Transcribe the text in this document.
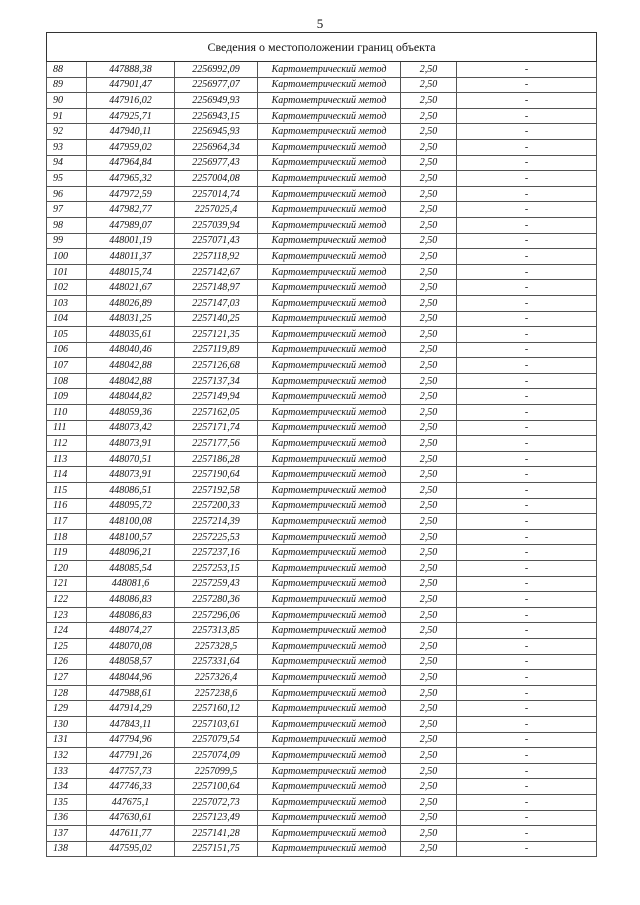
5
Сведения о местоположении границ объекта					
88	447888,38	2256992,09	Картометрический метод	2,50	-
89	447901,47	2256977,07	Картометрический метод	2,50	-
90	447916,02	2256949,93	Картометрический метод	2,50	-
91	447925,71	2256943,15	Картометрический метод	2,50	-
92	447940,11	2256945,93	Картометрический метод	2,50	-
93	447959,02	2256964,34	Картометрический метод	2,50	-
94	447964,84	2256977,43	Картометрический метод	2,50	-
95	447965,32	2257004,08	Картометрический метод	2,50	-
96	447972,59	2257014,74	Картометрический метод	2,50	-
97	447982,77	2257025,4	Картометрический метод	2,50	-
98	447989,07	2257039,94	Картометрический метод	2,50	-
99	448001,19	2257071,43	Картометрический метод	2,50	-
100	448011,37	2257118,92	Картометрический метод	2,50	-
101	448015,74	2257142,67	Картометрический метод	2,50	-
102	448021,67	2257148,97	Картометрический метод	2,50	-
103	448026,89	2257147,03	Картометрический метод	2,50	-
104	448031,25	2257140,25	Картометрический метод	2,50	-
105	448035,61	2257121,35	Картометрический метод	2,50	-
106	448040,46	2257119,89	Картометрический метод	2,50	-
107	448042,88	2257126,68	Картометрический метод	2,50	-
108	448042,88	2257137,34	Картометрический метод	2,50	-
109	448044,82	2257149,94	Картометрический метод	2,50	-
110	448059,36	2257162,05	Картометрический метод	2,50	-
111	448073,42	2257171,74	Картометрический метод	2,50	-
112	448073,91	2257177,56	Картометрический метод	2,50	-
113	448070,51	2257186,28	Картометрический метод	2,50	-
114	448073,91	2257190,64	Картометрический метод	2,50	-
115	448086,51	2257192,58	Картометрический метод	2,50	-
116	448095,72	2257200,33	Картометрический метод	2,50	-
117	448100,08	2257214,39	Картометрический метод	2,50	-
118	448100,57	2257225,53	Картометрический метод	2,50	-
119	448096,21	2257237,16	Картометрический метод	2,50	-
120	448085,54	2257253,15	Картометрический метод	2,50	-
121	448081,6	2257259,43	Картометрический метод	2,50	-
122	448086,83	2257280,36	Картометрический метод	2,50	-
123	448086,83	2257296,06	Картометрический метод	2,50	-
124	448074,27	2257313,85	Картометрический метод	2,50	-
125	448070,08	2257328,5	Картометрический метод	2,50	-
126	448058,57	2257331,64	Картометрический метод	2,50	-
127	448044,96	2257326,4	Картометрический метод	2,50	-
128	447988,61	2257238,6	Картометрический метод	2,50	-
129	447914,29	2257160,12	Картометрический метод	2,50	-
130	447843,11	2257103,61	Картометрический метод	2,50	-
131	447794,96	2257079,54	Картометрический метод	2,50	-
132	447791,26	2257074,09	Картометрический метод	2,50	-
133	447757,73	2257099,5	Картометрический метод	2,50	-
134	447746,33	2257100,64	Картометрический метод	2,50	-
135	447675,1	2257072,73	Картометрический метод	2,50	-
136	447630,61	2257123,49	Картометрический метод	2,50	-
137	447611,77	2257141,28	Картометрический метод	2,50	-
138	447595,02	2257151,75	Картометрический метод	2,50	-
